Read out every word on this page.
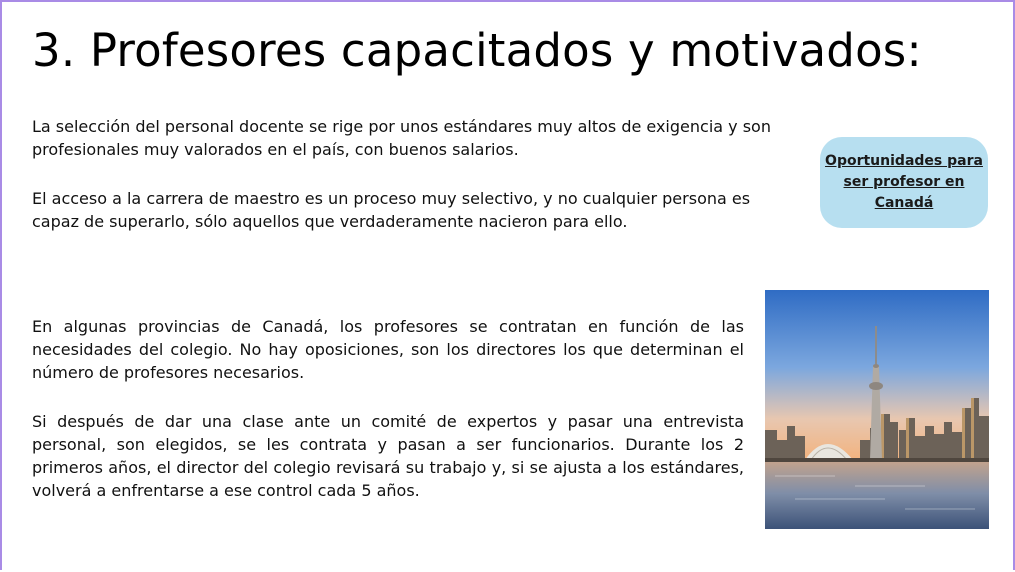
3. Profesores capacitados y motivados:

La selección del personal docente se rige por unos estándares muy altos de exigencia y son profesionales muy valorados en el país, con buenos salarios.

El acceso a la carrera de maestro es un proceso muy selectivo, y no cualquier persona es capaz de superarlo, sólo aquellos que verdaderamente nacieron para ello.

Oportunidades para ser profesor en Canadá

En algunas provincias de Canadá, los profesores se contratan en función de las necesidades del colegio. No hay oposiciones, son los directores los que determinan el número de profesores necesarios.

Si después de dar una clase ante un comité de expertos y pasar una entrevista personal, son elegidos, se les contrata y pasan a ser funcionarios. Durante los 2 primeros años, el director del colegio revisará su trabajo y, si se ajusta a los estándares, volverá a enfrentarse a ese control cada 5 años.
